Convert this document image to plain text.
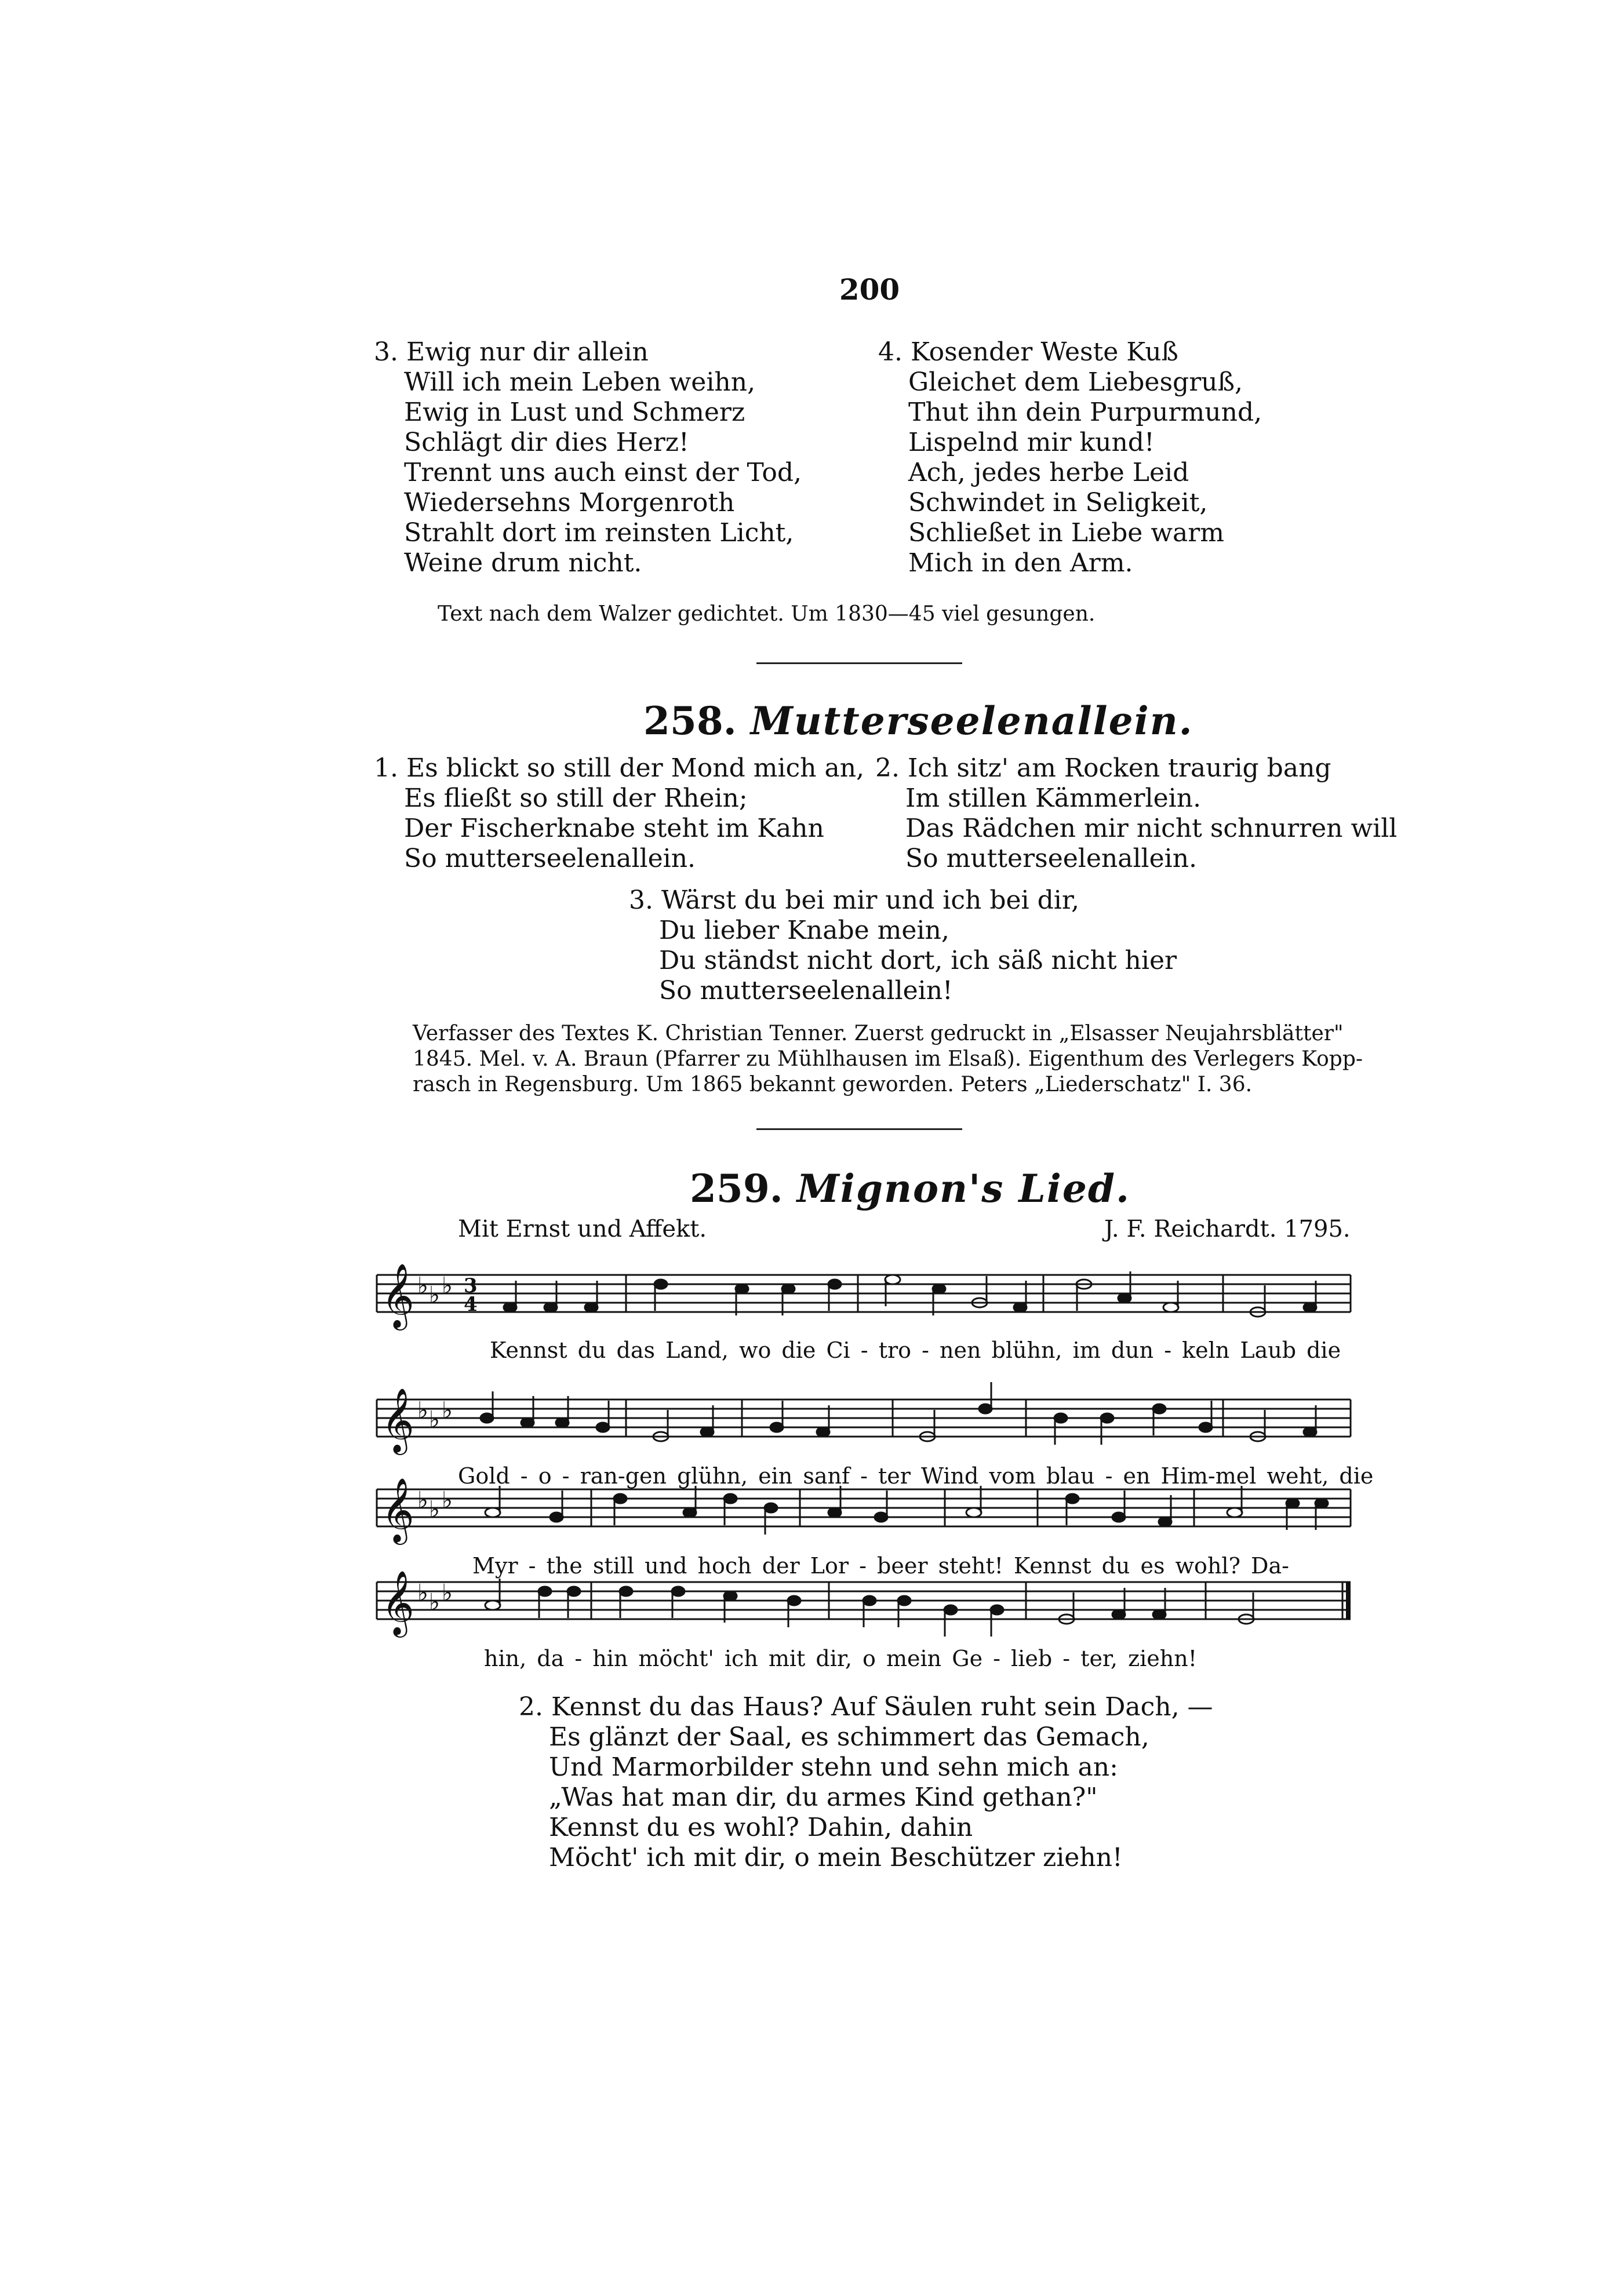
200
3. Ewig nur dir allein
Will ich mein Leben weihn,
Ewig in Lust und Schmerz
Schlägt dir dies Herz!
Trennt uns auch einst der Tod,
Wiedersehns Morgenroth
Strahlt dort im reinsten Licht,
Weine drum nicht.
4. Kosender Weste Kuß
Gleichet dem Liebesgruß,
Thut ihn dein Purpurmund,
Lispelnd mir kund!
Ach, jedes herbe Leid
Schwindet in Seligkeit,
Schließet in Liebe warm
Mich in den Arm.
Text nach dem Walzer gedichtet. Um 1830—45 viel gesungen.
258. Mutterseelenallein.
1. Es blickt so still der Mond mich an,
Es fließt so still der Rhein;
Der Fischerknabe steht im Kahn
So mutterseelenallein.
2. Ich sitz' am Rocken traurig bang
Im stillen Kämmerlein.
Das Rädchen mir nicht schnurren will
So mutterseelenallein.
3. Wärst du bei mir und ich bei dir,
Du lieber Knabe mein,
Du ständst nicht dort, ich säß nicht hier
So mutterseelenallein!
Verfasser des Textes K. Christian Tenner. Zuerst gedruckt in „Elsasser Neujahrsblätter"
1845. Mel. v. A. Braun (Pfarrer zu Mühlhausen im Elsaß). Eigenthum des Verlegers Kopp-
rasch in Regensburg. Um 1865 bekannt geworden. Peters „Liederschatz" I. 36.
259. Mignon's Lied.
Mit Ernst und Affekt.	J. F. Reichardt. 1795.
𝄞 ♭ ♭ ♭ 3
4
Kennst du das Land, wo die Ci - tro - nen blühn, im dun - keln Laub die
𝄞 ♭ ♭ ♭
Gold - o - ran-gen glühn, ein sanf - ter Wind vom blau - en Him-mel weht, die
𝄞 ♭ ♭ ♭
Myr - the still und hoch der Lor - beer steht! Kennst du es wohl? Da-
𝄞 ♭ ♭ ♭
hin, da - hin möcht' ich mit dir, o mein Ge - lieb - ter, ziehn!
2. Kennst du das Haus? Auf Säulen ruht sein Dach, —
Es glänzt der Saal, es schimmert das Gemach,
Und Marmorbilder stehn und sehn mich an:
„Was hat man dir, du armes Kind gethan?"
Kennst du es wohl? Dahin, dahin
Möcht' ich mit dir, o mein Beschützer ziehn!
